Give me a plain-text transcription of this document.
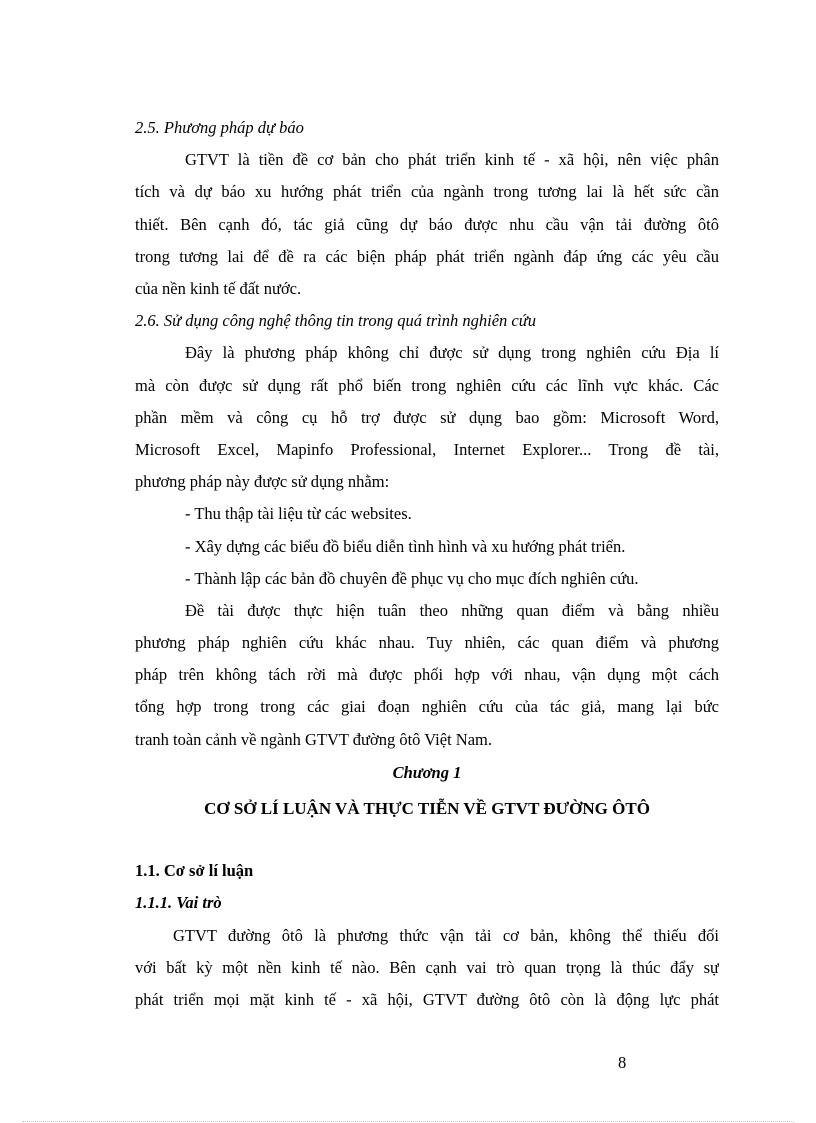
2.5. Phương pháp dự báo
GTVT là tiền đề cơ bản cho phát triển kinh tế - xã hội, nên việc phân
tích và dự báo xu hướng phát triển của ngành trong tương lai là hết sức cần
thiết. Bên cạnh đó, tác giả cũng dự báo được nhu cầu vận tải đường ôtô
trong tương lai để đề ra các biện pháp phát triển ngành đáp ứng các yêu cầu
của nền kinh tế đất nước.
2.6. Sử dụng công nghệ thông tin trong quá trình nghiên cứu
Đây là phương pháp không chỉ được sử dụng trong nghiên cứu Địa lí
mà còn được sử dụng rất phổ biến trong nghiên cứu các lĩnh vực khác. Các
phần mềm và công cụ hỗ trợ được sử dụng bao gồm: Microsoft Word,
Microsoft Excel, Mapinfo Professional, Internet Explorer... Trong đề tài,
phương pháp này được sử dụng nhằm:
- Thu thập tài liệu từ các websites.
- Xây dựng các biểu đồ biểu diễn tình hình và xu hướng phát triển.
- Thành lập các bản đồ chuyên đề phục vụ cho mục đích nghiên cứu.
Đề tài được thực hiện tuân theo những quan điểm và bằng nhiều
phương pháp nghiên cứu khác nhau. Tuy nhiên, các quan điểm và phương
pháp trên không tách rời mà được phối hợp với nhau, vận dụng một cách
tổng hợp trong trong các giai đoạn nghiên cứu của tác giả, mang lại bức
tranh toàn cảnh về ngành GTVT đường ôtô Việt Nam.
Chương 1
CƠ SỞ LÍ LUẬN VÀ THỰC TIỄN VỀ GTVT ĐƯỜNG ÔTÔ
1.1. Cơ sở lí luận
1.1.1. Vai trò
GTVT đường ôtô là phương thức vận tải cơ bản, không thể thiếu đối
với bất kỳ một nền kinh tế nào. Bên cạnh vai trò quan trọng là thúc đẩy sự
phát triển mọi mặt kinh tế - xã hội, GTVT đường ôtô còn là động lực phát
8
